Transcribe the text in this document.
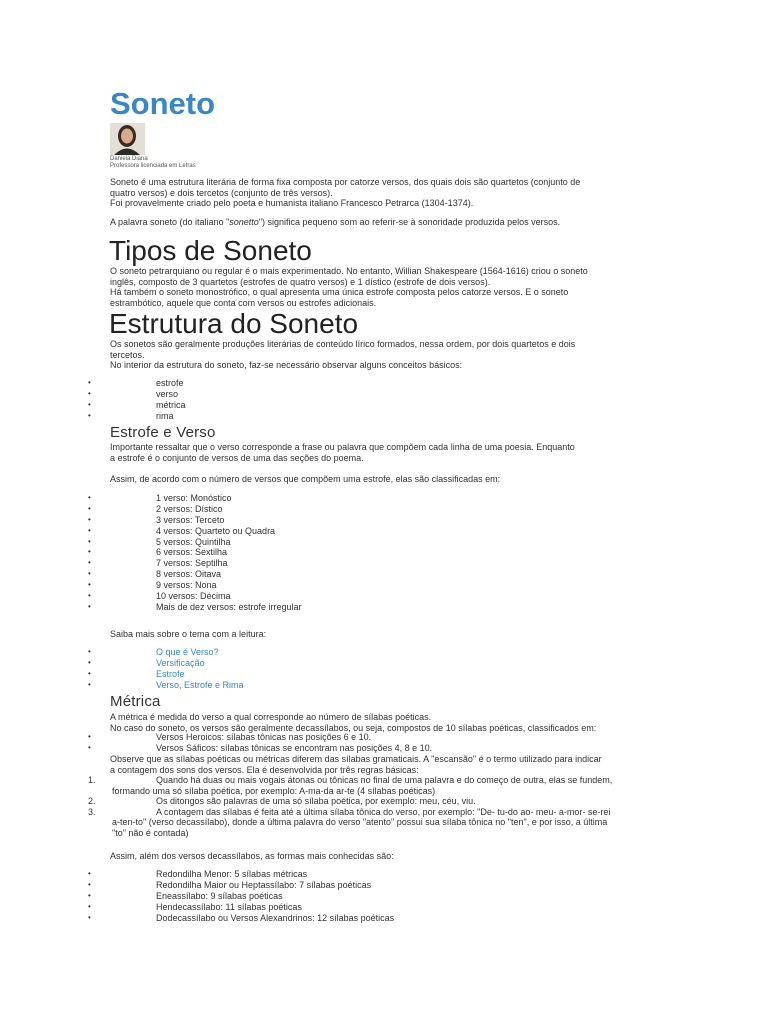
Soneto
Daniela Diana
Professora licenciada em Letras
Soneto é uma estrutura literária de forma fixa composta por catorze versos, dos quais dois são quartetos (conjunto de
quatro versos) e dois tercetos (conjunto de três versos).
Foi provavelmente criado pelo poeta e humanista italiano Francesco Petrarca (1304-1374).
A palavra soneto (do italiano "sonetto") significa pequeno som ao referir-se à sonoridade produzida pelos versos.
Tipos de Soneto
O soneto petrarquiano ou regular é o mais experimentado. No entanto, Willian Shakespeare (1564-1616) criou o soneto
inglês, composto de 3 quartetos (estrofes de quatro versos) e 1 dístico (estrofe de dois versos).
Há também o soneto monostrófico, o qual apresenta uma única estrofe composta pelos catorze versos. E o soneto
estrambótico, aquele que conta com versos ou estrofes adicionais.
Estrutura do Soneto
Os sonetos são geralmente produções literárias de conteúdo lírico formados, nessa ordem, por dois quartetos e dois
tercetos.
No interior da estrutura do soneto, faz-se necessário observar alguns conceitos básicos:
•	estrofe
•	verso
•	métrica
•	rima
Estrofe e Verso
Importante ressaltar que o verso corresponde a frase ou palavra que compõem cada linha de uma poesia. Enquanto
a estrofe é o conjunto de versos de uma das seções do poema.
Assim, de acordo com o número de versos que compõem uma estrofe, elas são classificadas em:
•	1 verso: Monóstico
•	2 versos: Dístico
•	3 versos: Terceto
•	4 versos: Quarteto ou Quadra
•	5 versos: Quintilha
•	6 versos: Sextilha
•	7 versos: Septilha
•	8 versos: Oitava
•	9 versos: Nona
•	10 versos: Décima
•	Mais de dez versos: estrofe irregular
Saiba mais sobre o tema com a leitura:
•	O que é Verso?
•	Versificação
•	Estrofe
•	Verso, Estrofe e Rima
Métrica
A métrica é medida do verso a qual corresponde ao número de sílabas poéticas.
No caso do soneto, os versos são geralmente decassílabos, ou seja, compostos de 10 sílabas poéticas, classificados em:
•	Versos Heroicos: sílabas tônicas nas posições 6 e 10.
•	Versos Sáficos: sílabas tônicas se encontram nas posições 4, 8 e 10.
Observe que as sílabas poéticas ou métricas diferem das sílabas gramaticais. A "escansão" é o termo utilizado para indicar
a contagem dos sons dos versos. Ela é desenvolvida por três regras básicas:
1.	Quando há duas ou mais vogais átonas ou tônicas no final de uma palavra e do começo de outra, elas se fundem,
formando uma só sílaba poética, por exemplo: A-ma-da ar-te (4 sílabas poéticas)
2.	Os ditongos são palavras de uma só sílaba poética, por exemplo: meu, céu, viu.
3.	A contagem das sílabas é feita até a última sílaba tônica do verso, por exemplo: "De- tu-do ao- meu- a-mor- se-rei
a-ten-to" (verso decassílabo), donde a última palavra do verso "atento" possui sua sílaba tônica no "ten", e por isso, a última
"to" não é contada)
Assim, além dos versos decassílabos, as formas mais conhecidas são:
•	Redondilha Menor: 5 sílabas métricas
•	Redondilha Maior ou Heptassílabo: 7 sílabas poéticas
•	Eneassílabo: 9 sílabas poéticas
•	Hendecassílabo: 11 sílabas poéticas
•	Dodecassílabo ou Versos Alexandrinos: 12 sílabas poéticas
